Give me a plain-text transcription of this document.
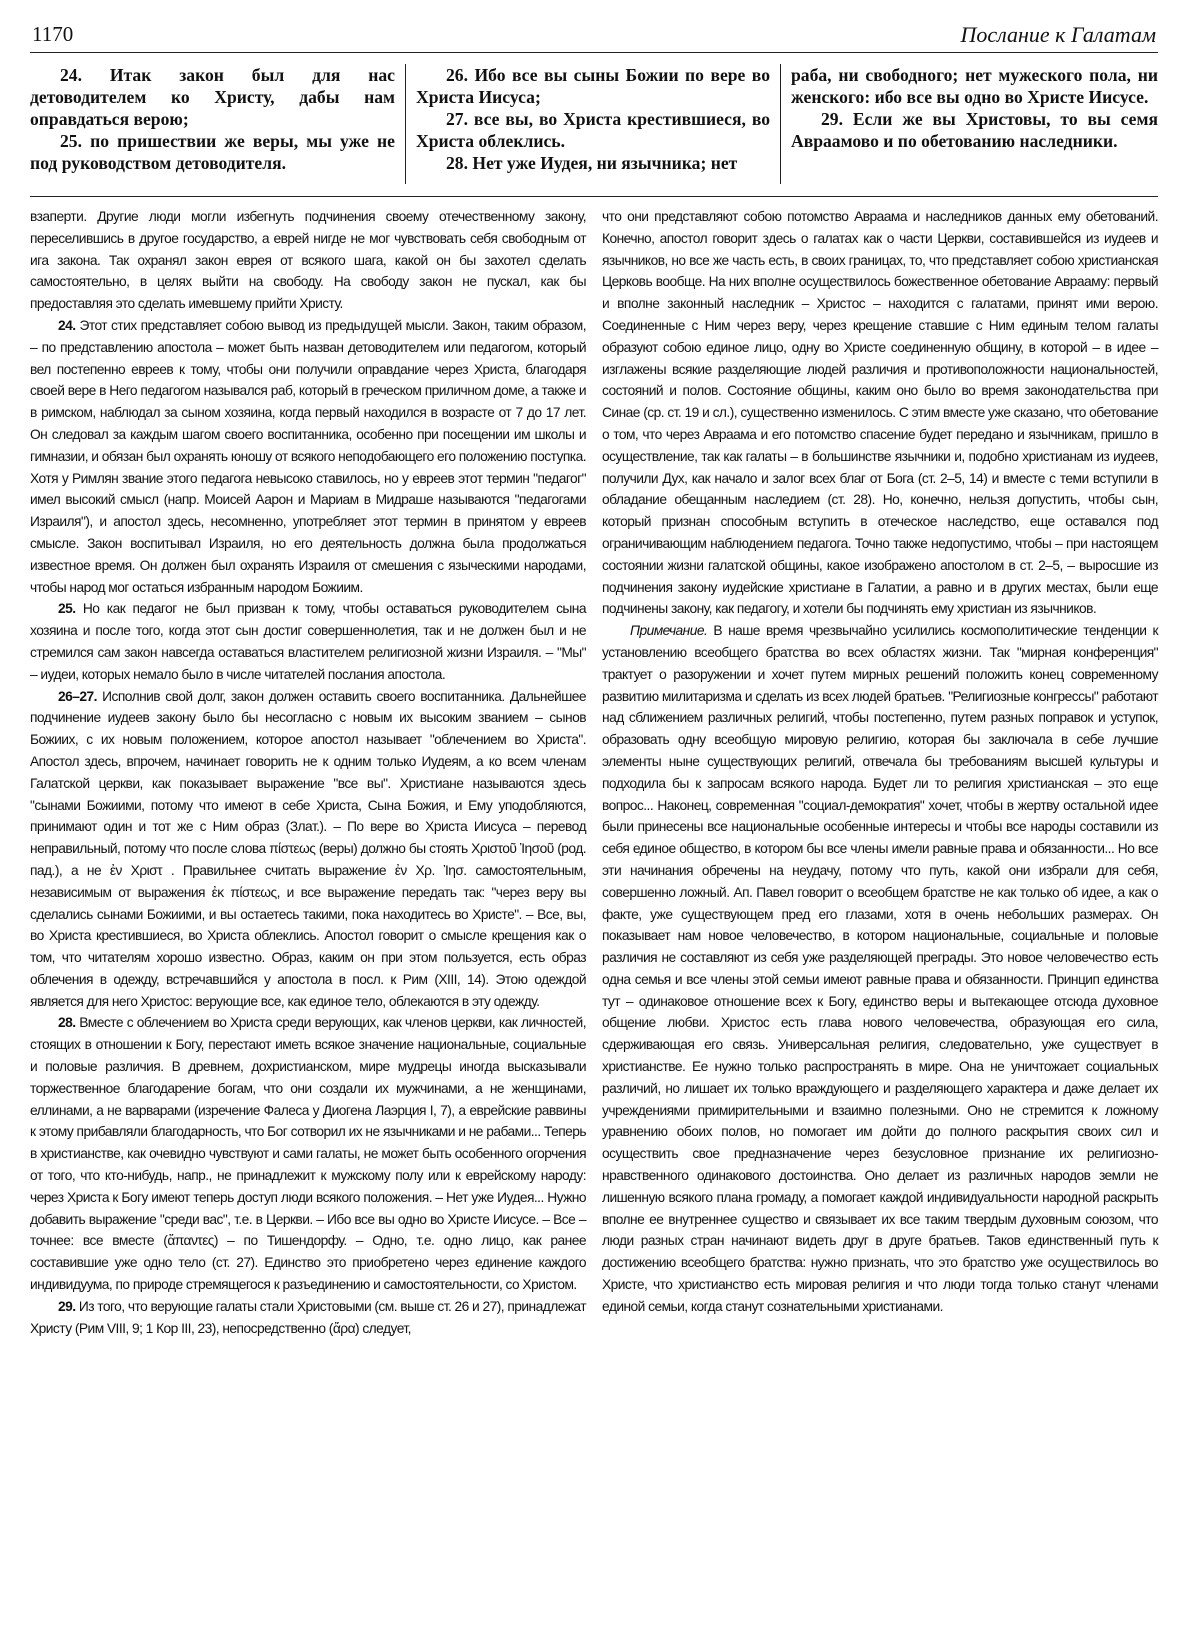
1170	Послание к Галатам

24. Итак закон был для нас детоводителем ко Христу, дабы нам оправдаться верою;

25. по пришествии же веры, мы уже не под руководством детоводителя.

26. Ибо все вы сыны Божии по вере во Христа Иисуса;

27. все вы, во Христа крестившиеся, во Христа облеклись.

28. Нет уже Иудея, ни язычника; нет

раба, ни свободного; нет мужеского пола, ни женского: ибо все вы одно во Христе Иисусе.

29. Если же вы Христовы, то вы семя Авраамово и по обетованию наследники.

взаперти. Другие люди могли избегнуть подчинения своему отечественному закону, переселившись в другое государство, а еврей нигде не мог чувствовать себя свободным от ига закона. Так охранял закон еврея от всякого шага, какой он бы захотел сделать самостоятельно, в целях выйти на свободу. На свободу закон не пускал, как бы предоставляя это сделать имевшему прийти Христу.

24. Этот стих представляет собою вывод из предыдущей мысли. Закон, таким образом, – по представлению апостола – может быть назван детоводителем или педагогом, который вел постепенно евреев к тому, чтобы они получили оправдание через Христа, благодаря своей вере в Него педагогом назывался раб, который в греческом приличном доме, а также и в римском, наблюдал за сыном хозяина, когда первый находился в возрасте от 7 до 17 лет. Он следовал за каждым шагом своего воспитанника, особенно при посещении им школы и гимназии, и обязан был охранять юношу от всякого неподобающего его положению поступка. Хотя у Римлян звание этого педагога невысоко ставилось, но у евреев этот термин "педагог" имел высокий смысл (напр. Моисей Аарон и Мариам в Мидраше называются "педагогами Израиля"), и апостол здесь, несомненно, употребляет этот термин в принятом у евреев смысле. Закон воспитывал Израиля, но его деятельность должна была продолжаться известное время. Он должен был охранять Израиля от смешения с языческими народами, чтобы народ мог остаться избранным народом Божиим.

25. Но как педагог не был призван к тому, чтобы оставаться руководителем сына хозяина и после того, когда этот сын достиг совершеннолетия, так и не должен был и не стремился сам закон навсегда оставаться властителем религиозной жизни Израиля. – "Мы" – иудеи, которых немало было в числе читателей послания апостола.

26–27. Исполнив свой долг, закон должен оставить своего воспитанника. Дальнейшее подчинение иудеев закону было бы несогласно с новым их высоким званием – сынов Божиих, с их новым положением, которое апостол называет "облечением во Христа". Апостол здесь, впрочем, начинает говорить не к одним только Иудеям, а ко всем членам Галатской церкви, как показывает выражение "все вы". Христиане называются здесь "сынами Божиими, потому что имеют в себе Христа, Сына Божия, и Ему уподобляются, принимают один и тот же с Ним образ (Злат.). – По вере во Христа Иисуса – перевод неправильный, потому что после слова πίστεως (веры) должно бы стоять Χριστοῦ Ἰησοῦ (род. пад.), а не ἐν Χριστ . Правильнее считать выражение ἐν Χρ. Ἰησ. самостоятельным, независимым от выражения ἐκ πίστεως, и все выражение передать так: "через веру вы сделались сынами Божиими, и вы остаетесь такими, пока находитесь во Христе". – Все, вы, во Христа крестившиеся, во Христа облеклись. Апостол говорит о смысле крещения как о том, что читателям хорошо известно. Образ, каким он при этом пользуется, есть образ облечения в одежду, встречавшийся у апостола в посл. к Рим (XIII, 14). Этою одеждой является для него Христос: верующие все, как единое тело, облекаются в эту одежду.

28. Вместе с облечением во Христа среди верующих, как членов церкви, как личностей, стоящих в отношении к Богу, перестают иметь всякое значение национальные, социальные и половые различия. В древнем, дохристианском, мире мудрецы иногда высказывали торжественное благодарение богам, что они создали их мужчинами, а не женщинами, еллинами, а не варварами (изречение Фалеса у Диогена Лаэрция I, 7), а еврейские раввины к этому прибавляли благодарность, что Бог сотворил их не язычниками и не рабами... Теперь в христианстве, как очевидно чувствуют и сами галаты, не может быть особенного огорчения от того, что кто-нибудь, напр., не принадлежит к мужскому полу или к еврейскому народу: через Христа к Богу имеют теперь доступ люди всякого положения. – Нет уже Иудея... Нужно добавить выражение "среди вас", т.е. в Церкви. – Ибо все вы одно во Христе Иисусе. – Все – точнее: все вместе (ἅπαντες) – по Тишендорфу. – Одно, т.е. одно лицо, как ранее составившие уже одно тело (ст. 27). Единство это приобретено через единение каждого индивидуума, по природе стремящегося к разъединению и самостоятельности, со Христом.

29. Из того, что верующие галаты стали Христовыми (см. выше ст. 26 и 27), принадлежат Христу (Рим VIII, 9; 1 Кор III, 23), непосредственно (ἄρα) следует,

что они представляют собою потомство Авраама и наследников данных ему обетований. Конечно, апостол говорит здесь о галатах как о части Церкви, составившейся из иудеев и язычников, но все же часть есть, в своих границах, то, что представляет собою христианская Церковь вообще. На них вполне осуществилось божественное обетование Аврааму: первый и вполне законный наследник – Христос – находится с галатами, принят ими верою. Соединенные с Ним через веру, через крещение ставшие с Ним единым телом галаты образуют собою единое лицо, одну во Христе соединенную общину, в которой – в идее – изглажены всякие разделяющие людей различия и противоположности национальностей, состояний и полов. Состояние общины, каким оно было во время законодательства при Синае (ср. ст. 19 и сл.), существенно изменилось. С этим вместе уже сказано, что обетование о том, что через Авраама и его потомство спасение будет передано и язычникам, пришло в осуществление, так как галаты – в большинстве язычники и, подобно христианам из иудеев, получили Дух, как начало и залог всех благ от Бога (ст. 2–5, 14) и вместе с теми вступили в обладание обещанным наследием (ст. 28). Но, конечно, нельзя допустить, чтобы сын, который признан способным вступить в отеческое наследство, еще оставался под ограничивающим наблюдением педагога. Точно также недопустимо, чтобы – при настоящем состоянии жизни галатской общины, какое изображено апостолом в ст. 2–5, – выросшие из подчинения закону иудейские христиане в Галатии, а равно и в других местах, были еще подчинены закону, как педагогу, и хотели бы подчинять ему христиан из язычников.

Примечание. В наше время чрезвычайно усилились космополитические тенденции к установлению всеобщего братства во всех областях жизни. Так "мирная конференция" трактует о разоружении и хочет путем мирных решений положить конец современному развитию милитаризма и сделать из всех людей братьев. "Религиозные конгрессы" работают над сближением различных религий, чтобы постепенно, путем разных поправок и уступок, образовать одну всеобщую мировую религию, которая бы заключала в себе лучшие элементы ныне существующих религий, отвечала бы требованиям высшей культуры и подходила бы к запросам всякого народа. Будет ли то религия христианская – это еще вопрос... Наконец, современная "социал-демократия" хочет, чтобы в жертву остальной идее были принесены все национальные особенные интересы и чтобы все народы составили из себя единое общество, в котором бы все члены имели равные права и обязанности... Но все эти начинания обречены на неудачу, потому что путь, какой они избрали для себя, совершенно ложный. Ап. Павел говорит о всеобщем братстве не как только об идее, а как о факте, уже существующем пред его глазами, хотя в очень небольших размерах. Он показывает нам новое человечество, в котором национальные, социальные и половые различия не составляют из себя уже разделяющей преграды. Это новое человечество есть одна семья и все члены этой семьи имеют равные права и обязанности. Принцип единства тут – одинаковое отношение всех к Богу, единство веры и вытекающее отсюда духовное общение любви. Христос есть глава нового человечества, образующая его сила, сдерживающая его связь. Универсальная религия, следовательно, уже существует в христианстве. Ее нужно только распространять в мире. Она не уничтожает социальных различий, но лишает их только враждующего и разделяющего характера и даже делает их учреждениями примирительными и взаимно полезными. Оно не стремится к ложному уравнению обоих полов, но помогает им дойти до полного раскрытия своих сил и осуществить свое предназначение через безусловное признание их религиозно-нравственного одинакового достоинства. Оно делает из различных народов земли не лишенную всякого плана громаду, а помогает каждой индивидуальности народной раскрыть вполне ее внутреннее существо и связывает их все таким твердым духовным союзом, что люди разных стран начинают видеть друг в друге братьев. Таков единственный путь к достижению всеобщего братства: нужно признать, что это братство уже осуществилось во Христе, что христианство есть мировая религия и что люди тогда только станут членами единой семьи, когда станут сознательными христианами.
